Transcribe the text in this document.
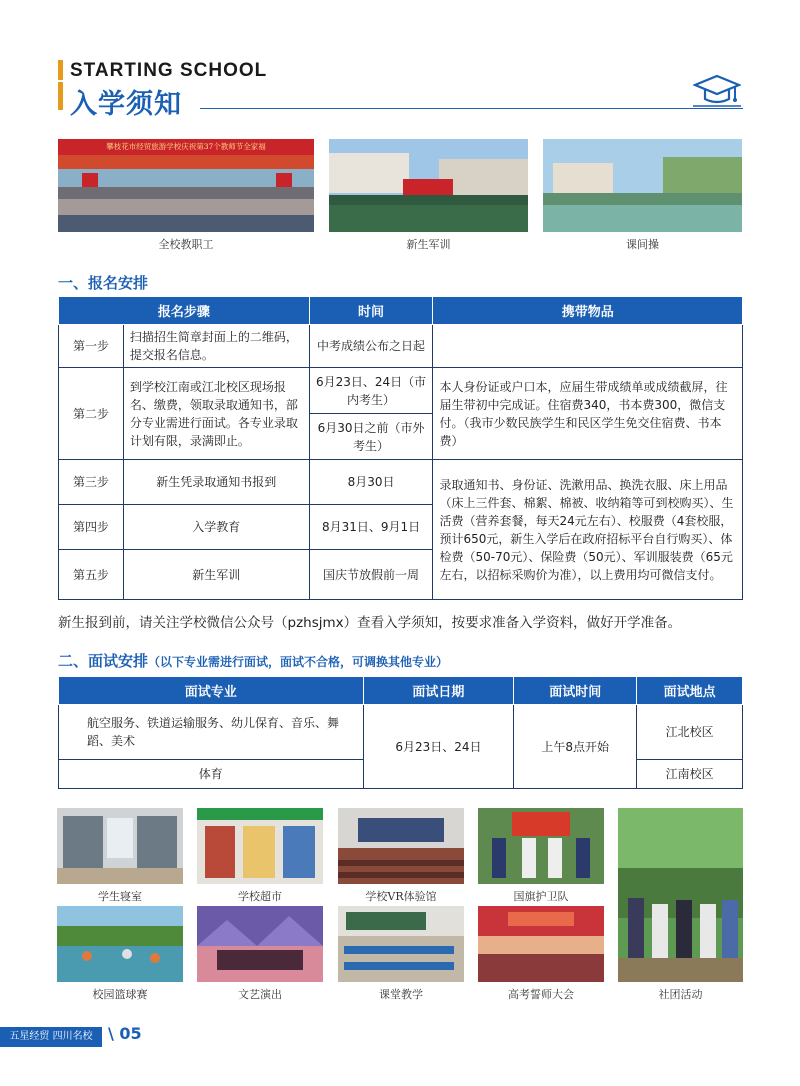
STARTING SCHOOL
入学须知
攀枝花市经贸旅游学校庆祝第37个教师节全家福
全校教职工	新生军训	课间操
一、报名安排
报名步骤		时间	携带物品
第一步	扫描招生简章封面上的二维码，提交报名信息。	中考成绩公布之日起	
第二步	到学校江南或江北校区现场报名、缴费，领取录取通知书，部分专业需进行面试。各专业录取计划有限，录满即止。	6月23日、24日（市内考生）	本人身份证或户口本，应届生带成绩单或成绩截屏，往届生带初中完成证。住宿费340，书本费300，微信支付。（我市少数民族学生和民区学生免交住宿费、书本费）
		6月30日之前（市外考生）	
第三步	新生凭录取通知书报到	8月30日	录取通知书、身份证、洗漱用品、换洗衣服、床上用品（床上三件套、棉絮、棉被、收纳箱等可到校购买）、生活费（营养套餐，每天24元左右）、校服费（4套校服，预计650元，新生入学后在政府招标平台自行购买）、体检费（50-70元）、保险费（50元）、军训服装费（65元左右，以招标采购价为准），以上费用均可微信支付。
第四步	入学教育	8月31日、9月1日	
第五步	新生军训	国庆节放假前一周	
新生报到前，请关注学校微信公众号（pzhsjmx）查看入学须知，按要求准备入学资料，做好开学准备。
二、面试安排（以下专业需进行面试，面试不合格，可调换其他专业）
面试专业	面试日期	面试时间	面试地点
航空服务、铁道运输服务、幼儿保育、音乐、舞蹈、美术	6月23日、24日	上午8点开始	江北校区
体育			江南校区
学生寝室	学校超市	学校VR体验馆	国旗护卫队
校园篮球赛	文艺演出	课堂教学	高考誓师大会	社团活动
五星经贸 四川名校 \ 05
